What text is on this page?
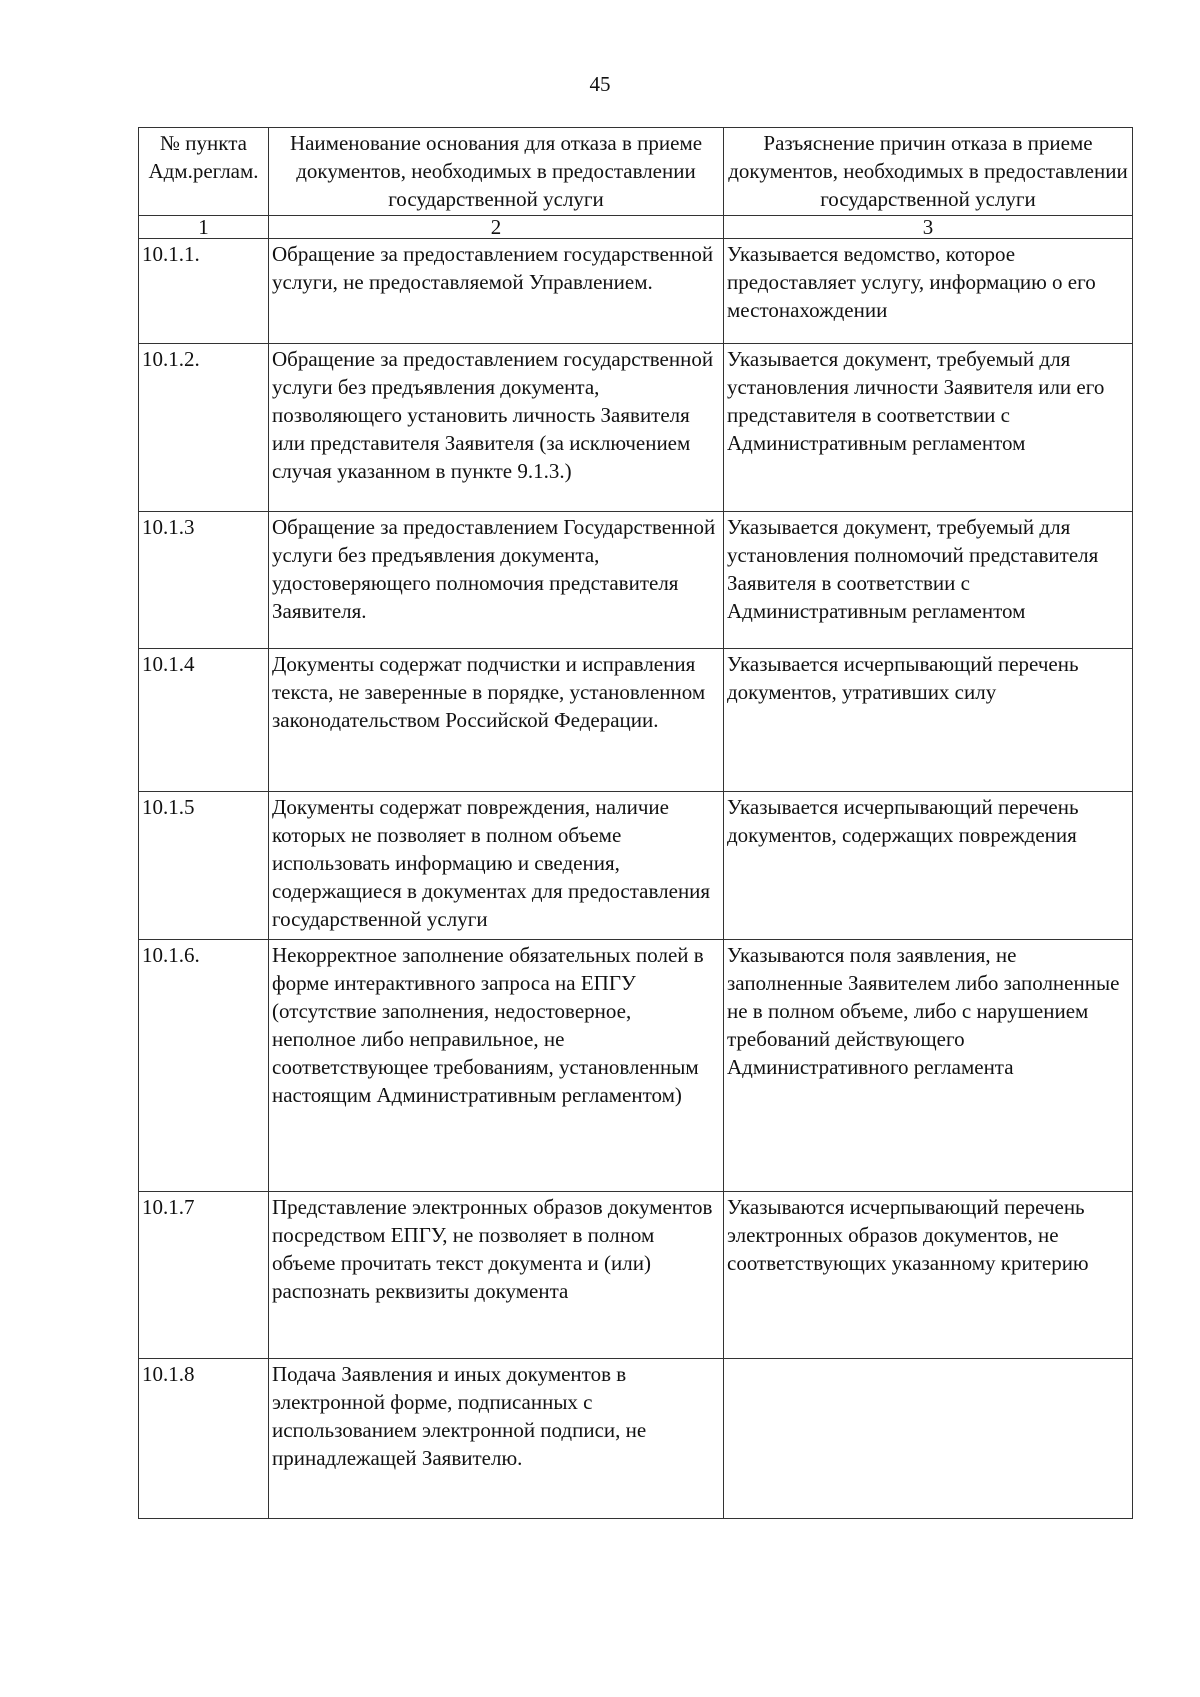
45
№ пункта Адм.реглам.	Наименование основания для отказа в приеме документов, необходимых в предоставлении государственной услуги	Разъяснение причин отказа в приеме документов, необходимых в предоставлении государственной услуги
1	2	3
10.1.1.	Обращение за предоставлением государственной услуги, не предоставляемой Управлением.	Указывается ведомство, которое предоставляет услугу, информацию о его местонахождении
10.1.2.	Обращение за предоставлением государственной услуги без предъявления документа, позволяющего установить личность Заявителя или представителя Заявителя (за исключением случая указанном в пункте 9.1.3.)	Указывается документ, требуемый для установления личности Заявителя или его представителя в соответствии с Административным регламентом
10.1.3	Обращение за предоставлением Государственной услуги без предъявления документа, удостоверяющего полномочия представителя Заявителя.	Указывается документ, требуемый для установления полномочий представителя Заявителя в соответствии с Административным регламентом
10.1.4	Документы содержат подчистки и исправления текста, не заверенные в порядке, установленном законодательством Российской Федерации.	Указывается исчерпывающий перечень документов, утративших силу
10.1.5	Документы содержат повреждения, наличие которых не позволяет в полном объеме использовать информацию и сведения, содержащиеся в документах для предоставления государственной услуги	Указывается исчерпывающий перечень документов, содержащих повреждения
10.1.6.	Некорректное заполнение обязательных полей в форме интерактивного запроса на ЕПГУ (отсутствие заполнения, недостоверное, неполное либо неправильное, не соответствующее требованиям, установленным настоящим Административным регламентом)	Указываются поля заявления, не заполненные Заявителем либо заполненные не в полном объеме, либо с нарушением требований действующего Административного регламента
10.1.7	Представление электронных образов документов посредством ЕПГУ, не позволяет в полном объеме прочитать текст документа и (или) распознать реквизиты документа	Указываются исчерпывающий перечень электронных образов документов, не соответствующих указанному критерию
10.1.8	Подача Заявления и иных документов в электронной форме, подписанных с использованием электронной подписи, не принадлежащей Заявителю.	
